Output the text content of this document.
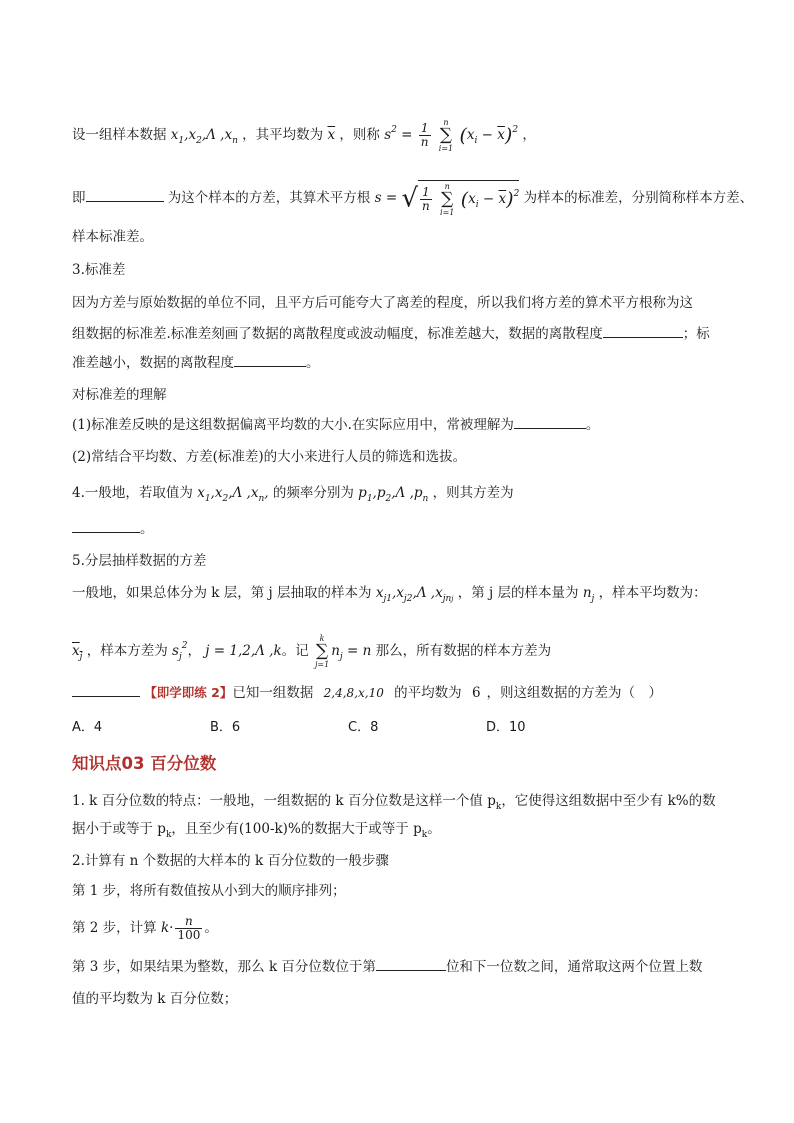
设一组样本数据 $x_1,x_2,\Lambda$ $,x_n$ ，其平均数为 $\overline{x}$ ，则称 $s^2 = \frac{1}{n}$
	n
∑
i=1
$(x_i - \overline{x})^2$ ，
即	为这个样本的方差，其算术平方根 s = √ $\frac{1}{n}$
	n
∑
i=1
$(x_i - \overline{x})^2$ 为样本的标准差，分别简称样本方差、
样本标准差。
3.标准差
因为方差与原始数据的单位不同，且平方后可能夸大了离差的程度，所以我们将方差的算术平方根称为这
组数据的标准差.标准差刻画了数据的离散程度或波动幅度，标准差越大，数据的离散程度	；标
准差越小，数据的离散程度	。
对标准差的理解
(1)标准差反映的是这组数据偏离平均数的大小.在实际应用中，常被理解为	。
(2)常结合平均数、方差(标准差)的大小来进行人员的筛选和选拔。
4.一般地，若取值为 $x_1,x_2,\Lambda$ $,x_n$, 的频率分别为 $p_1,p_2,\Lambda$ $,p_n$ ，则其方差为
。
5.分层抽样数据的方差
一般地，如果总体分为 k 层，第 j 层抽取的样本为 $x_{j1},x_{j2},\Lambda$ $,x_{jnj}$ ，第 j 层的样本量为 $n_j$ ，样本平均数为：
$x_j$ ，样本方差为 $s_j^2$， j = 1,2,Λ ,k。记
k
∑
j=1
$n_j = n$ 那么，所有数据的样本方差为
【即学即练 2】已知一组数据 2,4,8,x,10 的平均数为 6 ，则这组数据的方差为（　）
A．4	B．6	C．8	D．10
知识点03 百分位数
1. k 百分位数的特点：一般地，一组数据的 k 百分位数是这样一个值 $p_k$，它使得这组数据中至少有 k%的数
据小于或等于 $p_k$，且至少有(100-k)%的数据大于或等于 $p_k$。
2.计算有 n 个数据的大样本的 k 百分位数的一般步骤
第 1 步，将所有数值按从小到大的顺序排列；
第 2 步，计算 $k\cdot \frac{n}{100}$ 。
第 3 步，如果结果为整数，那么 k 百分位数位于第	位和下一位数之间，通常取这两个位置上数
值的平均数为 k 百分位数；
